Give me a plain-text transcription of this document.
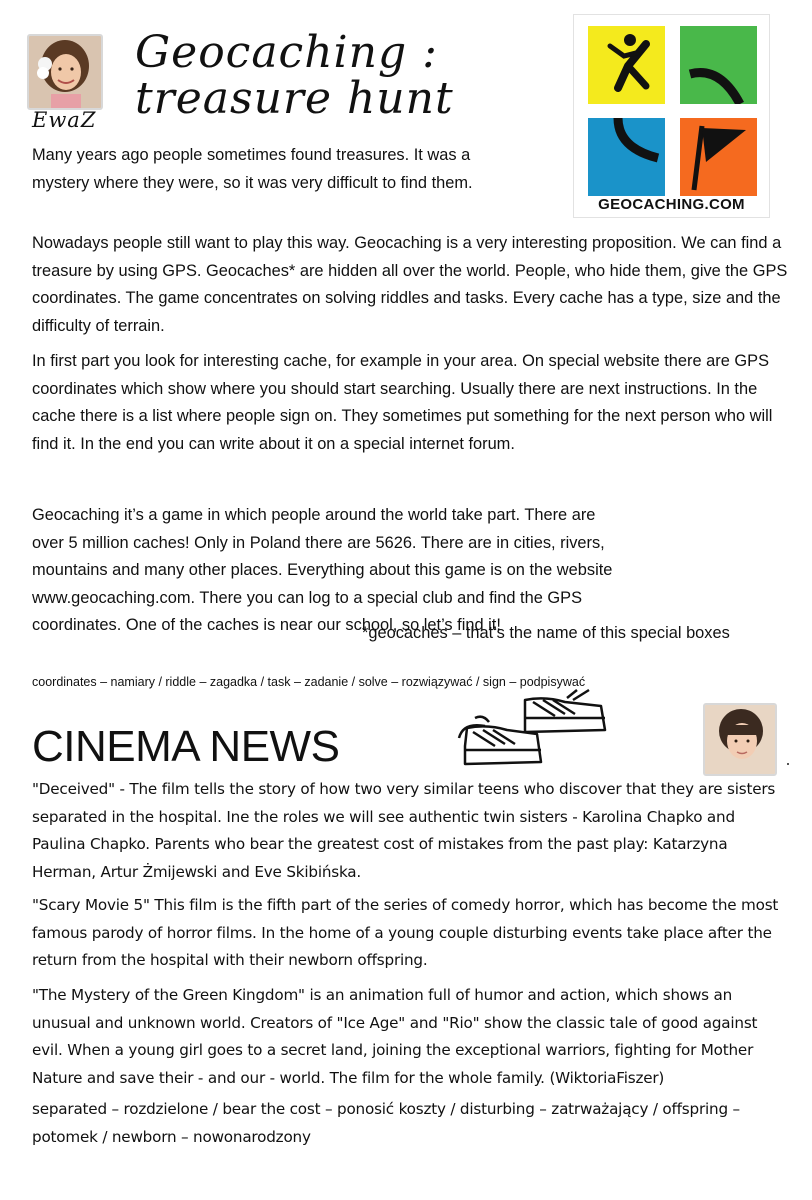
EwaZ
Geocaching :
treasure hunt
GEOCACHING.COM

Many years ago people sometimes found treasures. It was a mystery where they were, so it was very difficult to find them.

Nowadays people still want to play this way. Geocaching is a very interesting proposition. We can find a treasure by using GPS. Geocaches* are hidden all over the world. People, who hide them, give the GPS coordinates. The game concentrates on solving riddles and tasks. Every cache has a type, size and the difficulty of terrain.

In first part you look for interesting cache, for example in your area. On special website there are GPS coordinates which show where you should start searching. Usually there are next instructions. In the cache there is a list where people sign on. They sometimes put something for the next person who will find it. In the end you can write about it on a special internet forum.

Geocaching it’s a game in which people around the world take part. There are over 5 million caches! Only in Poland there are 5626. There are in cities, rivers, mountains and many other places. Everything about this game is on the website www.geocaching.com. There you can log to a special club and find the GPS coordinates. One of the caches is near our school, so let’s find it!

*geocaches – that’s the name of this special boxes
coordinates – namiary / riddle – zagadka / task – zadanie / solve – rozwiązywać / sign – podpisywać
CINEMA NEWS

"Deceived" - The film tells the story of how two very similar teens who discover that they are sisters separated in the hospital. Ine the roles we will see authentic twin sisters - Karolina Chapko and Paulina Chapko. Parents who bear the greatest cost of mistakes from the past play: Katarzyna Herman, Artur Żmijewski and Eve Skibińska.

"Scary Movie 5" This film is the fifth part of the series of comedy horror, which has become the most famous parody of horror films. In the home of a young couple disturbing events take place after the return from the hospital with their newborn offspring.

"The Mystery of the Green Kingdom" is an animation full of humor and action, which shows an unusual and unknown world. Creators of "Ice Age" and "Rio" show the classic tale of good against evil. When a young girl goes to a secret land, joining the exceptional warriors, fighting for Mother Nature and save their - and our - world. The film for the whole family. (WiktoriaFiszer)

separated – rozdzielone / bear the cost – ponosić koszty / disturbing – zatrważający / offspring – potomek / newborn – nowonarodzony
